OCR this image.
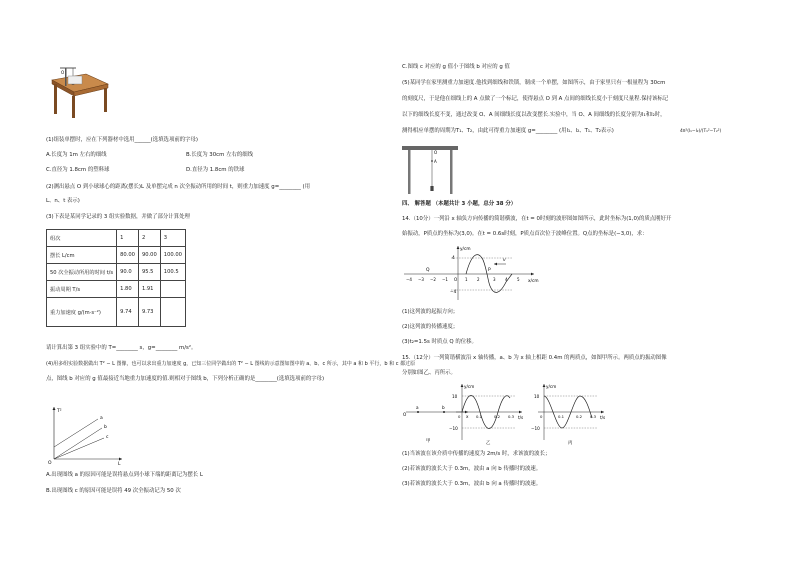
O
(1)组装单摆时，应在下列器材中选用______(选填选项前的字母)
A.长度为 1m 左右的细线	B.长度为 30cm 左右的细线
C.直径为 1.8cm 的塑料球	D.直径为 1.8cm 的铁球
(2)测出悬点 O 到小球球心的距离(摆长)L 及单摆完成 n 次全振动所用的时间 t，则重力加速度 g=________ (用
L、n、t 表示)
(3)下表是某同学记录的 3 组实验数据，并做了部分计算处理
组次	1	2	3
摆长 L/cm	80.00	90.00	100.00
50 次全振动所用的时间 t/s	90.0	95.5	100.5
振动周期 T/s	1.80	1.91	
重力加速度 g/(m·s⁻²)	9.74	9.73	
请计算出第 3 组实验中的 T=________ s，g=________ m/s²。
(4)用多组实验数据做出 T² − L 图像，也可以求出重力加速度 g，已知三位同学做出的 T² − L 图线的示意图如图中的 a、b、c 所示，其中 a 和 b 平行，b 和 c 都过原
点，图线 b 对应的 g 值最接近当地重力加速度的值.则相对于图线 b，下列分析正确的是________(选填选项前的字母)
T²
L
O
a
b
c
A.出现图线 a 的原因可能是误将悬点到小球下端的距离记为摆长 L
B.出现图线 c 的原因可能是误将 49 次全振动记为 50 次
C.图线 c 对应的 g 值小于图线 b 对应的 g 值
(5)某同学在家里测重力加速度.他找到细线和铁锁，制成一个单摆，如图所示，由于家里只有一根量程为 30cm
的刻度尺，于是他在细线上的 A 点做了一个标记，使得悬点 O 到 A 点间的细线长度小于刻度尺量程.保持该标记
以下的细线长度不变，通过改变 O、A 间细线长度以改变摆长.实验中，当 O、A 间细线的长度分别为l₁和l₂时，
测得相应单摆的周期为T₁、T₂，由此可得重力加速度 g=________ (用l₁、l₂、T₁、T₂表示)	4π²(l₁−l₂)/(T₁²−T₂²)
O
A
四、 解答题 （本题共计 3 小题，总分 38 分）
14.（10分）一列沿 x 轴负方向传播的简谐横波，在t = 0时刻的波形图如图所示，此时坐标为(1,0)的质点刚好开
始振动，P质点的坐标为(3,0)。在t = 0.6s时刻，P质点首次位于波峰位置。Q点的坐标是(−3,0)，求：
v
y/cm
x/cm
4
−4
P
Q
−4 −3 −2 −1 O 1 2	3 4 5
(1)这列波的起振方向；
(2)这列波的传播速度；
(3)t₂=1.5s 时质点 Q 的位移。
15.（12分）一列简谐横波沿 x 轴传播，a、b 为 x 轴上相距 0.4m 的两质点，如图甲所示。两质点的振动图像
分别如图乙、丙所示。
O
a	b
x
甲
y/cm
t/s
10
−10
0	0.1	0.2 0.3
乙
y/cm
t/s
10
−10
0	0.1	0.2 0.3
丙
(1)当该波在该介质中传播的速度为 2m/s 时，求该波的波长；
(2)若该波的波长大于 0.3m，波由 a 向 b 传播时的波速。
(3)若该波的波长大于 0.3m，波由 b 向 a 传播时的波速。
